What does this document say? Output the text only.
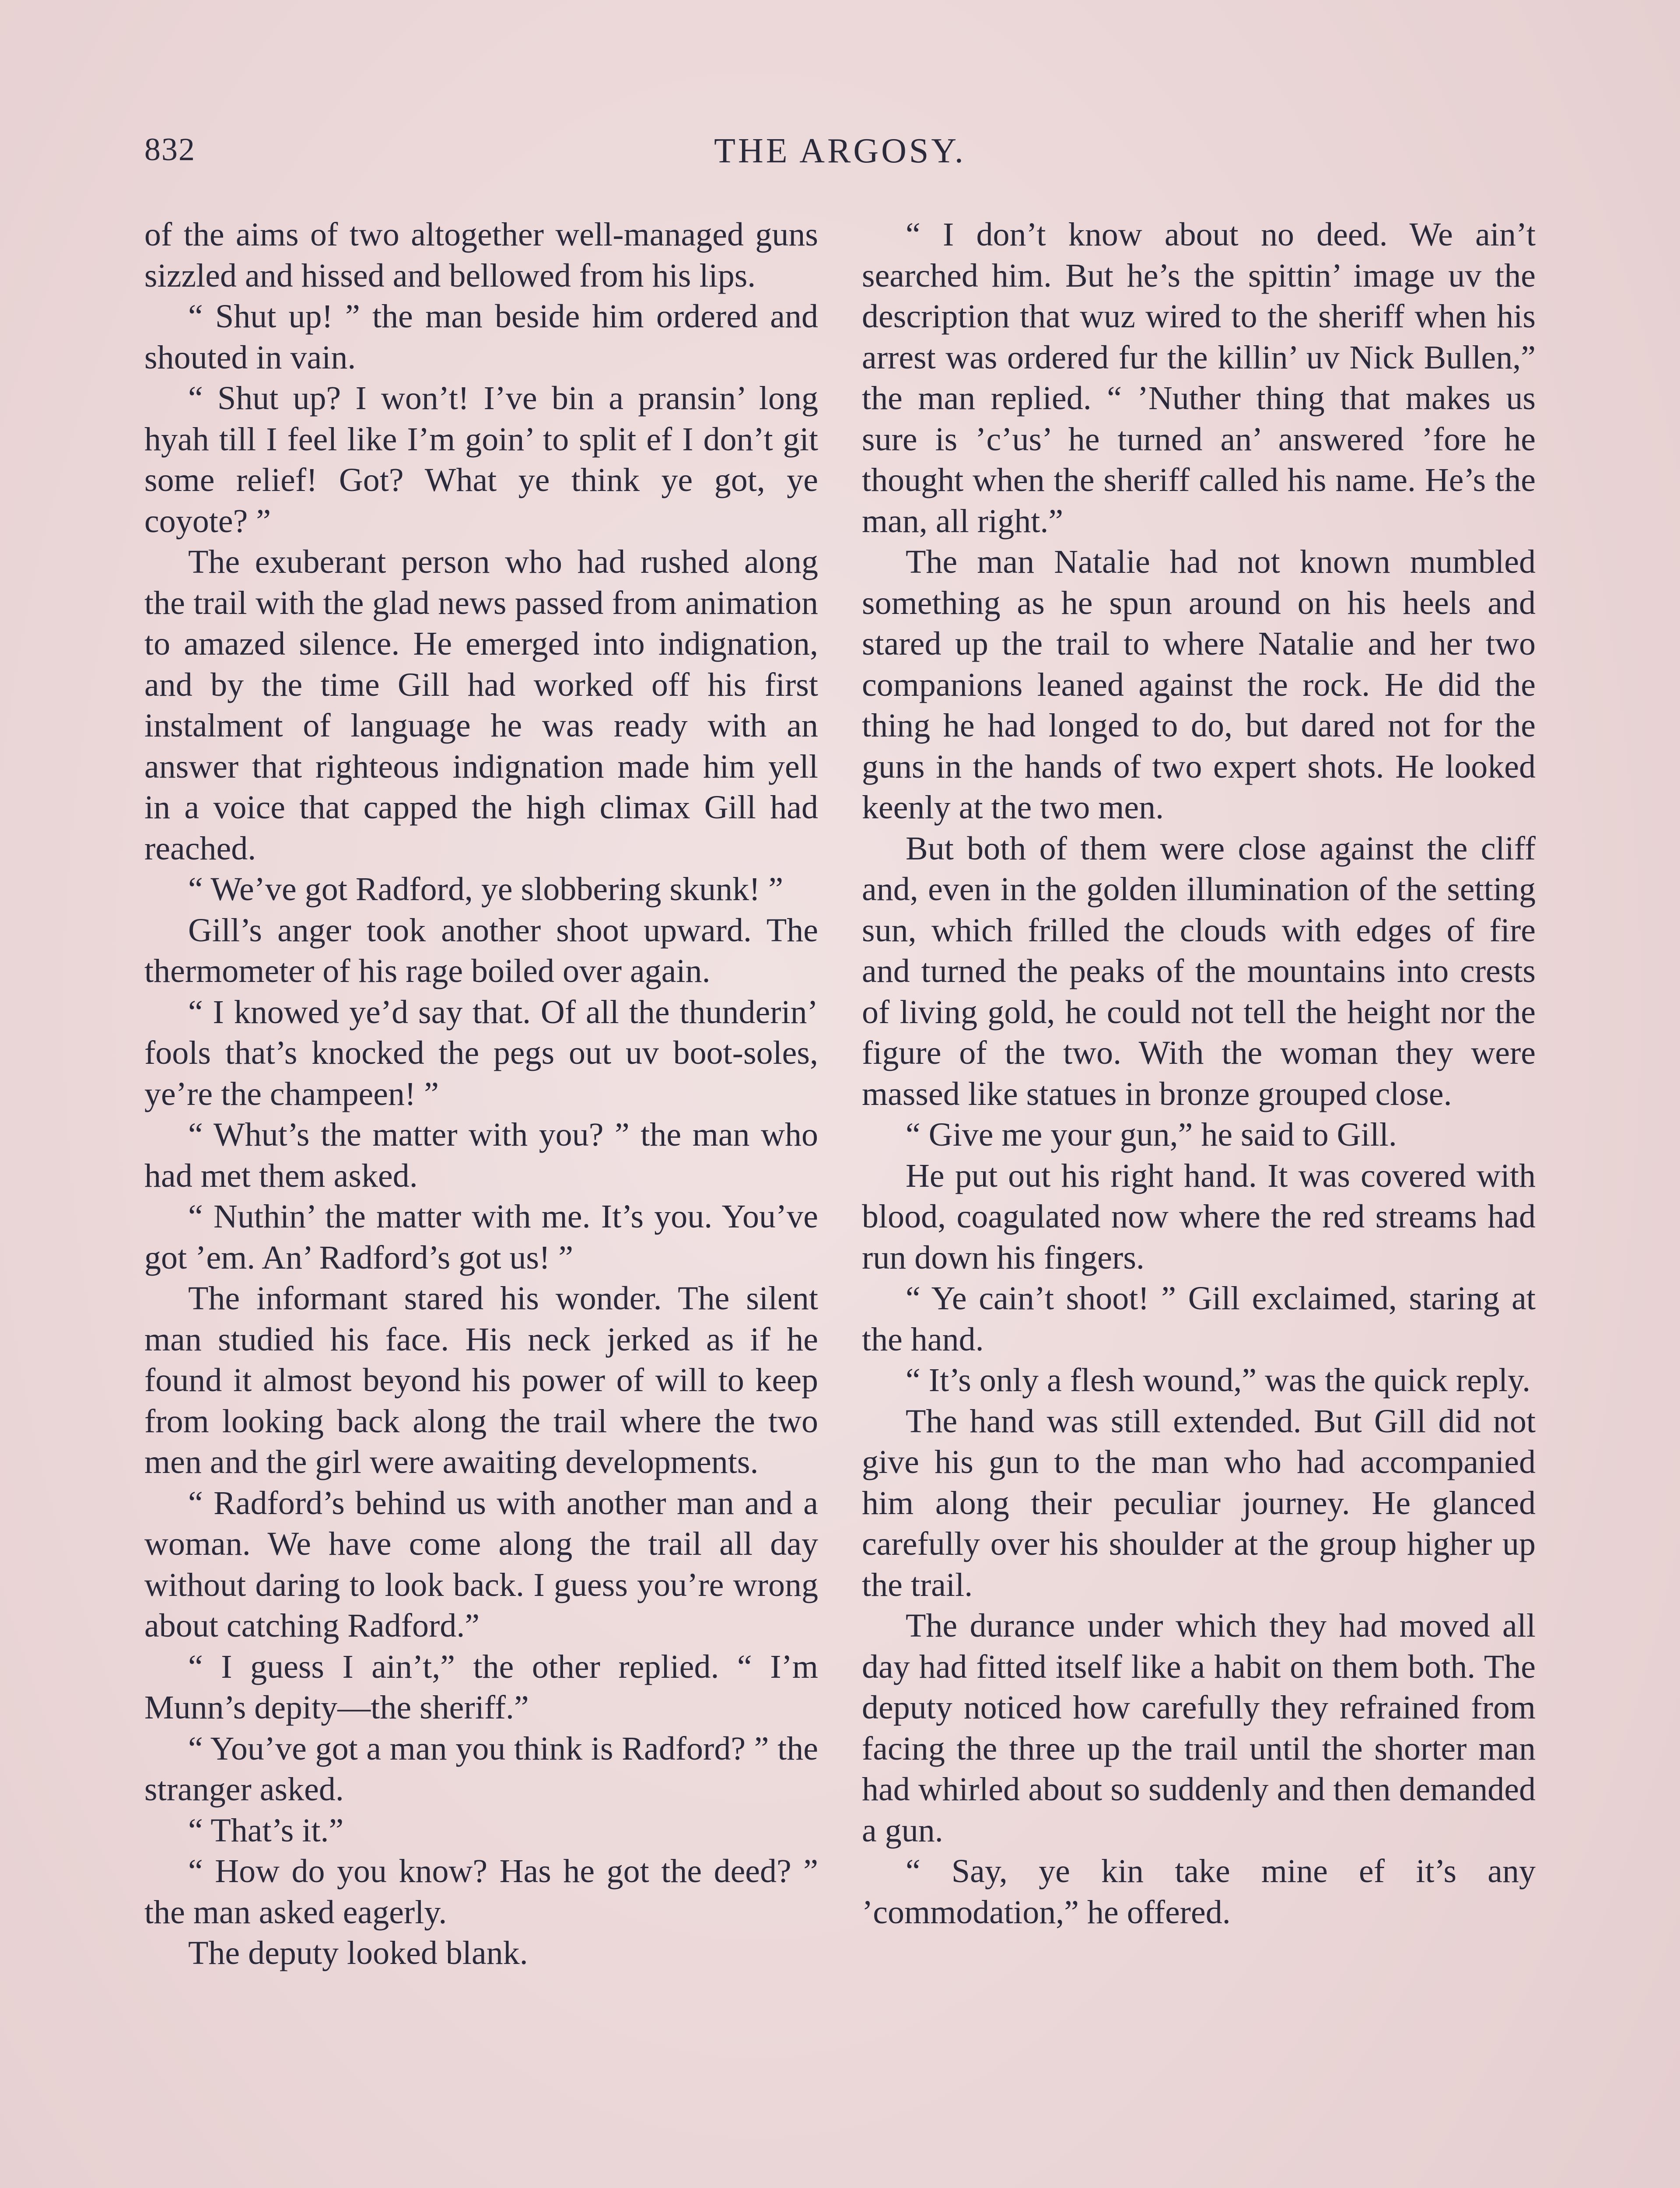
832	THE ARGOSY.

of the aims of two altogether well-managed guns sizzled and hissed and bellowed from his lips.

“ Shut up! ” the man beside him ordered and shouted in vain.

“ Shut up? I won’t! I’ve bin a pransin’ long hyah till I feel like I’m goin’ to split ef I don’t git some relief! Got? What ye think ye got, ye coyote? ”

The exuberant person who had rushed along the trail with the glad news passed from animation to amazed silence. He emerged into indignation, and by the time Gill had worked off his first instalment of language he was ready with an answer that righteous indignation made him yell in a voice that capped the high climax Gill had reached.

“ We’ve got Radford, ye slobbering skunk! ”

Gill’s anger took another shoot upward. The thermometer of his rage boiled over again.

“ I knowed ye’d say that. Of all the thunderin’ fools that’s knocked the pegs out uv boot-soles, ye’re the champeen! ”

“ Whut’s the matter with you? ” the man who had met them asked.

“ Nuthin’ the matter with me. It’s you. You’ve got ’em. An’ Radford’s got us! ”

The informant stared his wonder. The silent man studied his face. His neck jerked as if he found it almost beyond his power of will to keep from looking back along the trail where the two men and the girl were awaiting developments.

“ Radford’s behind us with another man and a woman. We have come along the trail all day without daring to look back. I guess you’re wrong about catching Radford.”

“ I guess I ain’t,” the other replied. “ I’m Munn’s depity—the sheriff.”

“ You’ve got a man you think is Radford? ” the stranger asked.

“ That’s it.”

“ How do you know? Has he got the deed? ” the man asked eagerly.

The deputy looked blank.

“ I don’t know about no deed. We ain’t searched him. But he’s the spittin’ image uv the description that wuz wired to the sheriff when his arrest was ordered fur the killin’ uv Nick Bullen,” the man replied. “ ’Nuther thing that makes us sure is ’c’us’ he turned an’ answered ’fore he thought when the sheriff called his name. He’s the man, all right.”

The man Natalie had not known mumbled something as he spun around on his heels and stared up the trail to where Natalie and her two companions leaned against the rock. He did the thing he had longed to do, but dared not for the guns in the hands of two expert shots. He looked keenly at the two men.

But both of them were close against the cliff and, even in the golden illumination of the setting sun, which frilled the clouds with edges of fire and turned the peaks of the mountains into crests of living gold, he could not tell the height nor the figure of the two. With the woman they were massed like statues in bronze grouped close.

“ Give me your gun,” he said to Gill.

He put out his right hand. It was covered with blood, coagulated now where the red streams had run down his fingers.

“ Ye cain’t shoot! ” Gill exclaimed, staring at the hand.

“ It’s only a flesh wound,” was the quick reply.

The hand was still extended. But Gill did not give his gun to the man who had accompanied him along their peculiar journey. He glanced carefully over his shoulder at the group higher up the trail.

The durance under which they had moved all day had fitted itself like a habit on them both. The deputy noticed how carefully they refrained from facing the three up the trail until the shorter man had whirled about so suddenly and then demanded a gun.

“ Say, ye kin take mine ef it’s any ’commodation,” he offered.
